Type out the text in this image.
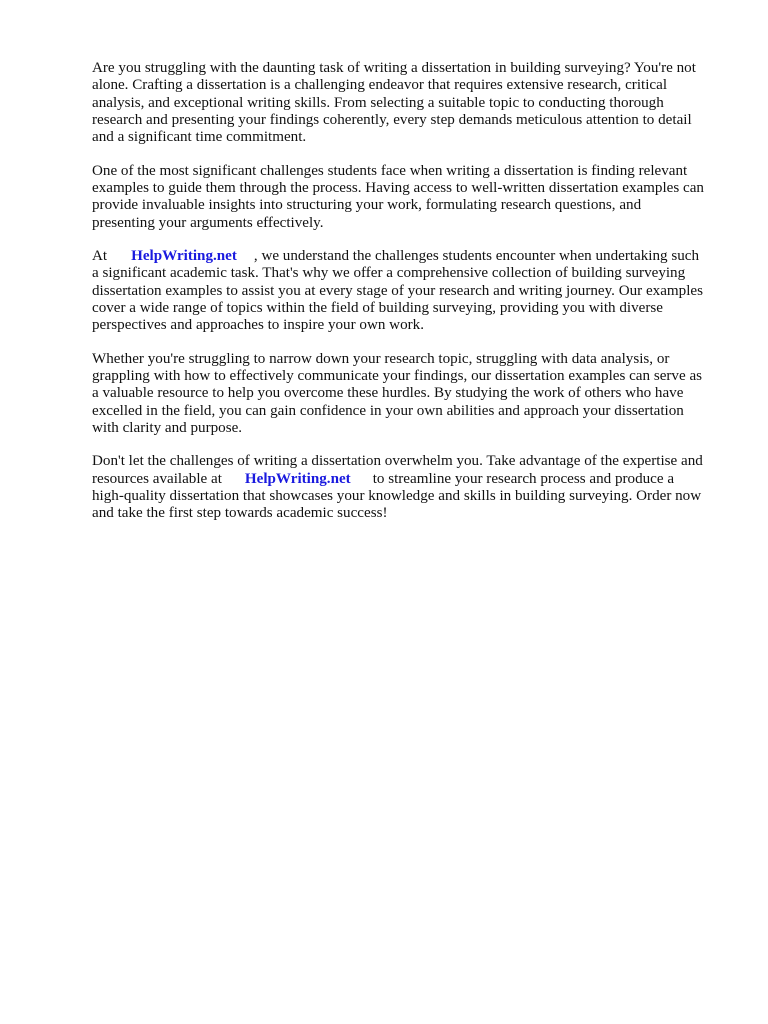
Are you struggling with the daunting task of writing a dissertation in building surveying? You're not
alone. Crafting a dissertation is a challenging endeavor that requires extensive research, critical
analysis, and exceptional writing skills. From selecting a suitable topic to conducting thorough
research and presenting your findings coherently, every step demands meticulous attention to detail
and a significant time commitment.

One of the most significant challenges students face when writing a dissertation is finding relevant
examples to guide them through the process. Having access to well-written dissertation examples can
provide invaluable insights into structuring your work, formulating research questions, and
presenting your arguments effectively.

At HelpWriting.net , we understand the challenges students encounter when undertaking such
a significant academic task. That's why we offer a comprehensive collection of building surveying
dissertation examples to assist you at every stage of your research and writing journey. Our examples
cover a wide range of topics within the field of building surveying, providing you with diverse
perspectives and approaches to inspire your own work.

Whether you're struggling to narrow down your research topic, struggling with data analysis, or
grappling with how to effectively communicate your findings, our dissertation examples can serve as
a valuable resource to help you overcome these hurdles. By studying the work of others who have
excelled in the field, you can gain confidence in your own abilities and approach your dissertation
with clarity and purpose.

Don't let the challenges of writing a dissertation overwhelm you. Take advantage of the expertise and
resources available at HelpWriting.net to streamline your research process and produce a
high-quality dissertation that showcases your knowledge and skills in building surveying. Order now
and take the first step towards academic success!
